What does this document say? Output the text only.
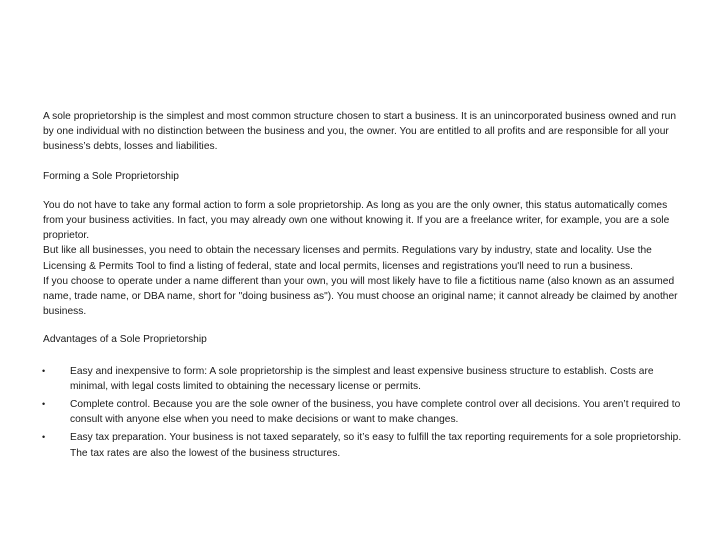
A sole proprietorship is the simplest and most common structure chosen to start a business. It is an unincorporated business owned and run by one individual with no distinction between the business and you, the owner. You are entitled to all profits and are responsible for all your business’s debts, losses and liabilities.

Forming a Sole Proprietorship

You do not have to take any formal action to form a sole proprietorship. As long as you are the only owner, this status automatically comes from your business activities. In fact, you may already own one without knowing it. If you are a freelance writer, for example, you are a sole proprietor.

But like all businesses, you need to obtain the necessary licenses and permits. Regulations vary by industry, state and locality. Use the Licensing & Permits Tool to find a listing of federal, state and local permits, licenses and registrations you'll need to run a business.

If you choose to operate under a name different than your own, you will most likely have to file a fictitious name (also known as an assumed name, trade name, or DBA name, short for "doing business as"). You must choose an original name; it cannot already be claimed by another business.

Advantages of a Sole Proprietorship

• Easy and inexpensive to form: A sole proprietorship is the simplest and least expensive business structure to establish. Costs are minimal, with legal costs limited to obtaining the necessary license or permits.
• Complete control. Because you are the sole owner of the business, you have complete control over all decisions. You aren’t required to consult with anyone else when you need to make decisions or want to make changes.
• Easy tax preparation. Your business is not taxed separately, so it’s easy to fulfill the tax reporting requirements for a sole proprietorship. The tax rates are also the lowest of the business structures.
